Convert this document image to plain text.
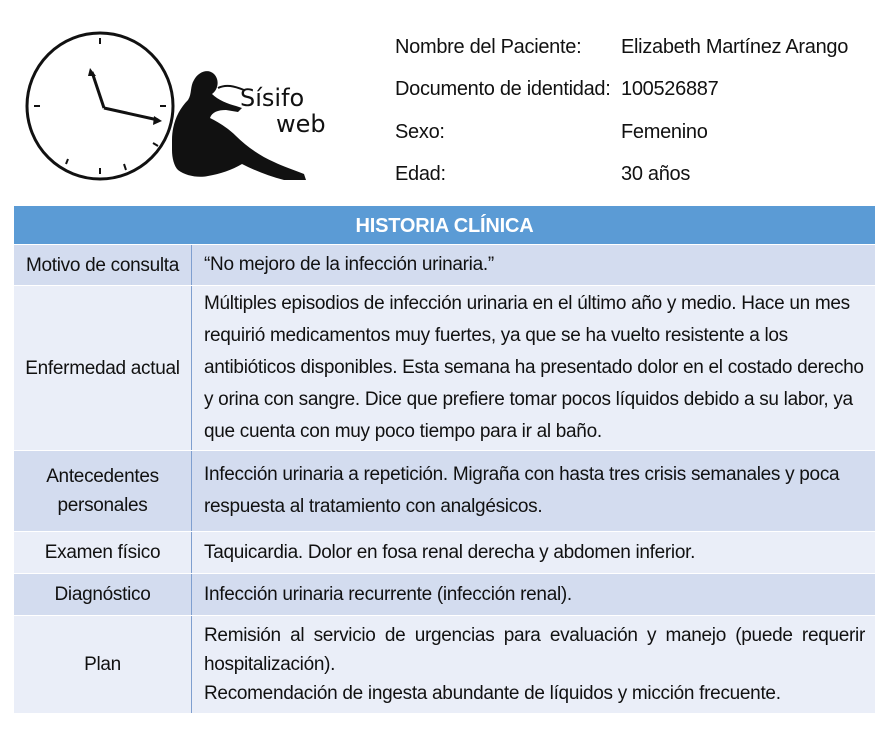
Sísifo
web
Nombre del Paciente:	Elizabeth Martínez Arango
Documento de identidad: 100526887
Sexo:	Femenino
Edad:	30 años
HISTORIA CLÍNICA	

Motivo de consulta	“No mejoro de la infección urinaria.”
Enfermedad actual	Múltiples episodios de infección urinaria en el último año y medio. Hace un mes requirió medicamentos muy fuertes, ya que se ha vuelto resistente a los antibióticos disponibles. Esta semana ha presentado dolor en el costado derecho y orina con sangre. Dice que prefiere tomar pocos líquidos debido a su labor, ya que cuenta con muy poco tiempo para ir al baño.
Antecedentes personales	Infección urinaria a repetición. Migraña con hasta tres crisis semanales y poca respuesta al tratamiento con analgésicos.
Examen físico	Taquicardia. Dolor en fosa renal derecha y abdomen inferior.
Diagnóstico	Infección urinaria recurrente (infección renal).
Plan	Remisión al servicio de urgencias para evaluación y manejo (puede requerir hospitalización).
Recomendación de ingesta abundante de líquidos y micción frecuente.
